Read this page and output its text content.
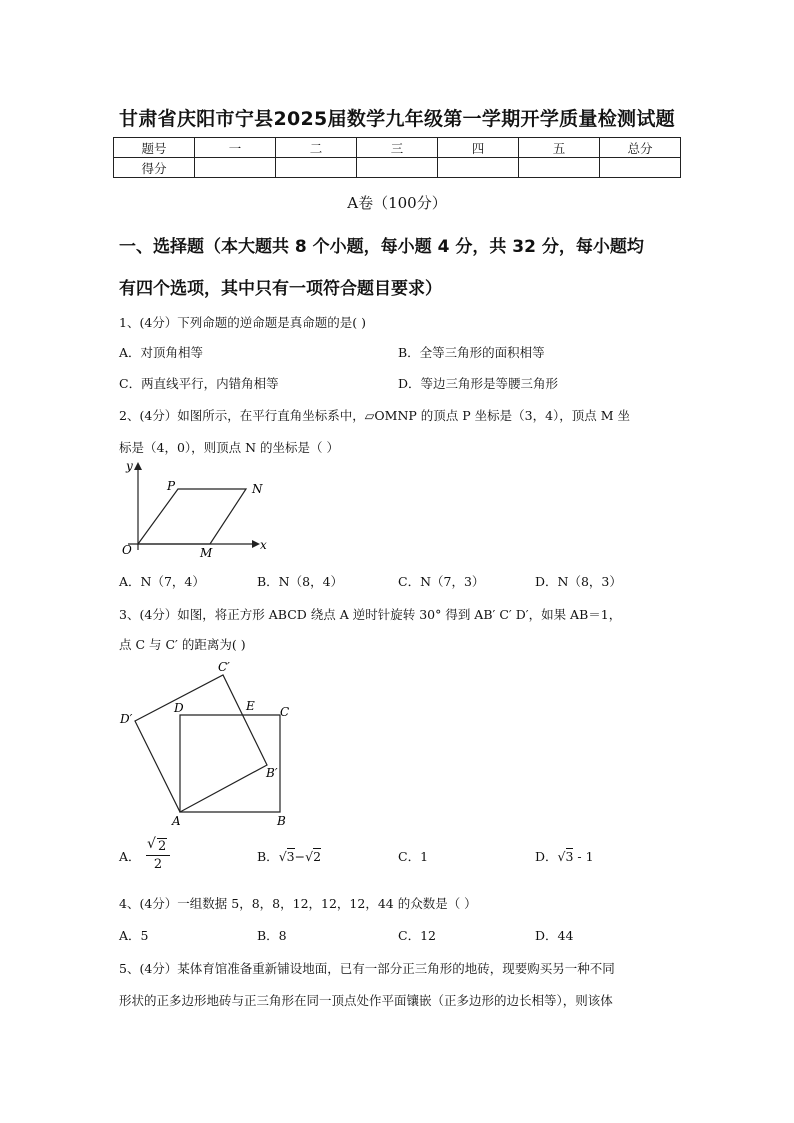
甘肃省庆阳市宁县2025届数学九年级第一学期开学质量检测试题
题号	一	二	三	四	五	总分
得分						
A卷（100分）
一、选择题（本大题共 8 个小题，每小题 4 分，共 32 分，每小题均
有四个选项，其中只有一项符合题目要求）
1、(4分）下列命题的逆命题是真命题的是( )
A．对顶角相等	B．全等三角形的面积相等
C．两直线平行，内错角相等	D．等边三角形是等腰三角形
2、(4分）如图所示，在平行直角坐标系中，▱OMNP 的顶点 P 坐标是（3，4），顶点 M 坐
标是（4，0），则顶点 N 的坐标是（ ）
y
x
O
P	N
M
A．N（7，4）	B．N（8，4）	C．N（7，3）	D．N（8，3）
3、(4分）如图，将正方形 ABCD 绕点 A 逆时针旋转 30° 得到 AB′ C′ D′，如果 AB＝1，
点 C 与 C′ 的距离为( )
A	B
C
D	E
B′
C′
D′
A． $\frac{√ 2}{2}$	B．√3−√2	C．1	D．√3 - 1
4、(4分）一组数据 5，8，8，12，12，12，44 的众数是（ ）
A．5	B．8	C．12	D．44
5、(4分）某体育馆准备重新铺设地面，已有一部分正三角形的地砖，现要购买另一种不同
形状的正多边形地砖与正三角形在同一顶点处作平面镶嵌（正多边形的边长相等），则该体
